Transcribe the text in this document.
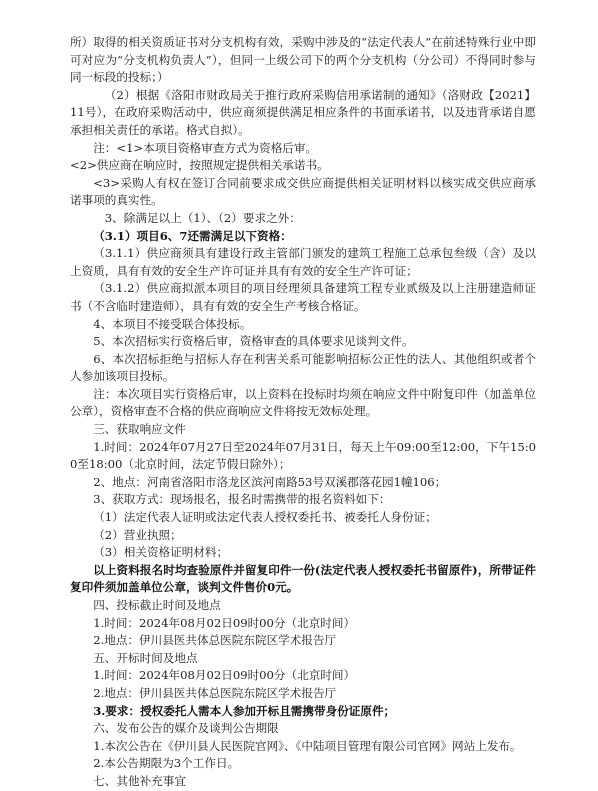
所）取得的相关资质证书对分支机构有效，采购中涉及的“法定代表人”在前述特殊行业中即可对应为“分支机构负责人”），但同一上级公司下的两个分支机构（分公司）不得同时参与同一标段的投标；）

（2）根据《洛阳市财政局关于推行政府采购信用承诺制的通知》（洛财政【2021】11号），在政府采购活动中，供应商须提供满足相应条件的书面承诺书，以及违背承诺自愿承担相关责任的承诺。格式自拟）。

注：<1>本项目资格审查方式为资格后审。

<2>供应商在响应时，按照规定提供相关承诺书。

<3>采购人有权在签订合同前要求成交供应商提供相关证明材料以核实成交供应商承诺事项的真实性。

3、除满足以上（1）、（2）要求之外：

（3.1）项目6、7还需满足以下资格：

（3.1.1）供应商须具有建设行政主管部门颁发的建筑工程施工总承包叁级（含）及以上资质，具有有效的安全生产许可证并具有有效的安全生产许可证；

（3.1.2）供应商拟派本项目的项目经理须具备建筑工程专业贰级及以上注册建造师证书（不含临时建造师），具有有效的安全生产考核合格证。

4、本项目不接受联合体投标。

5、本次招标实行资格后审，资格审查的具体要求见谈判文件。

6、本次招标拒绝与招标人存在利害关系可能影响招标公正性的法人、其他组织或者个人参加该项目投标。

注：本次项目实行资格后审，以上资料在投标时均须在响应文件中附复印件（加盖单位公章），资格审查不合格的供应商响应文件将按无效标处理。

三、获取响应文件

1.时间：2024年07月27日至2024年07月31日，每天上午09:00至12:00，下午15:00至18:00（北京时间，法定节假日除外）；

2、地点：河南省洛阳市洛龙区滨河南路53号双溪郡落花园1幢106；

3、获取方式：现场报名，报名时需携带的报名资料如下：

（1）法定代表人证明或法定代表人授权委托书、被委托人身份证；

（2）营业执照；

（3）相关资格证明材料；

以上资料报名时均查验原件并留复印件一份(法定代表人授权委托书留原件)，所带证件复印件须加盖单位公章，谈判文件售价0元。

四、投标截止时间及地点

1.时间：2024年08月02日09时00分（北京时间）

2.地点：伊川县医共体总医院东院区学术报告厅

五、开标时间及地点

1.时间：2024年08月02日09时00分（北京时间）

2.地点：伊川县医共体总医院东院区学术报告厅

3.要求：授权委托人需本人参加开标且需携带身份证原件；

六、发布公告的媒介及谈判公告期限

1.本次公告在《伊川县人民医院官网》、《中陆项目管理有限公司官网》网站上发布。

2.本公告期限为3个工作日。

七、其他补充事宜
